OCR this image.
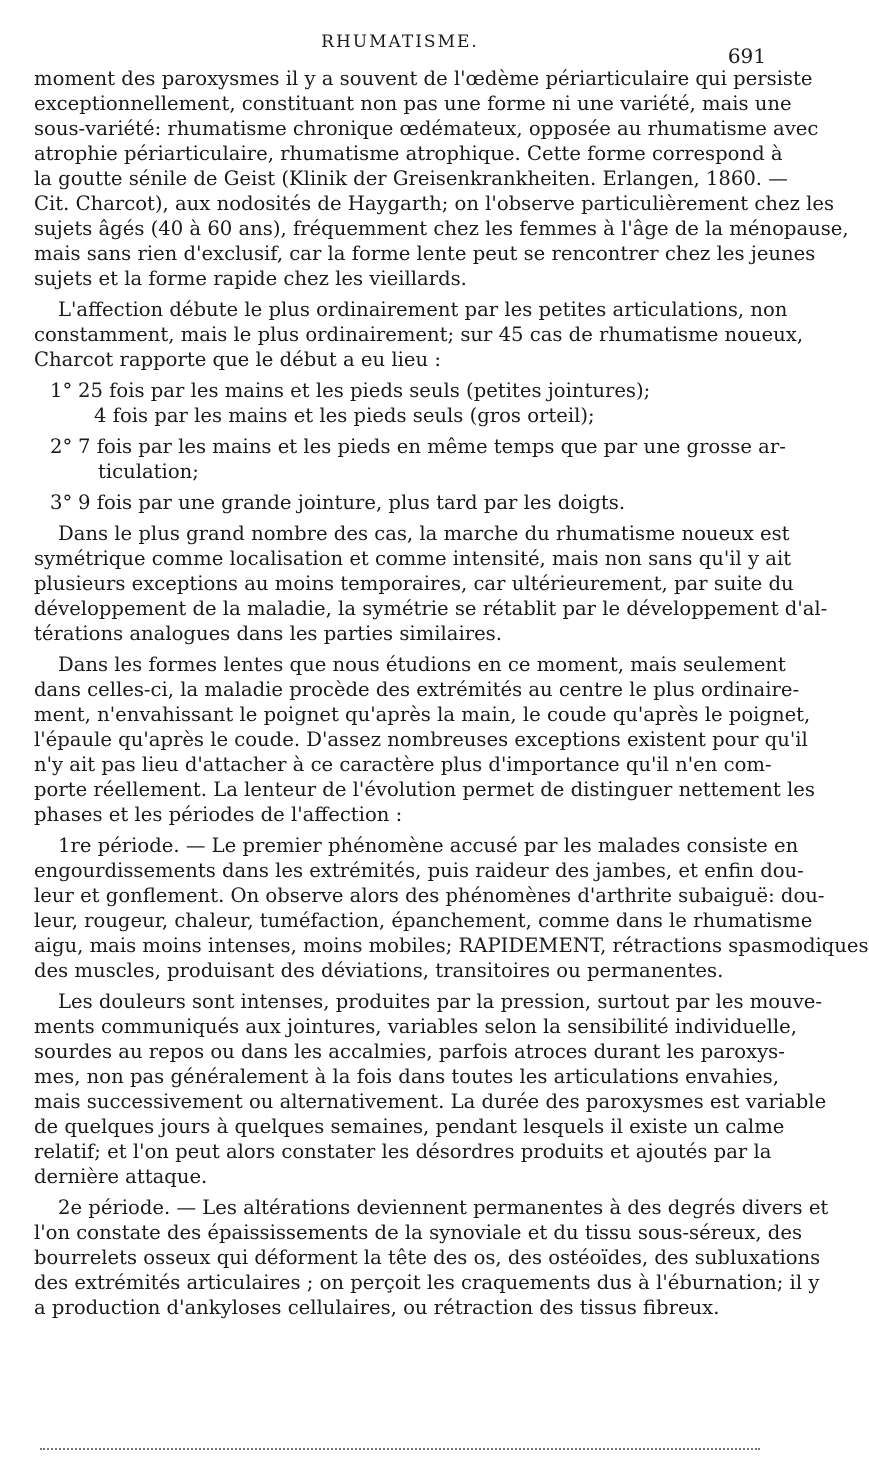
RHUMATISME.
691
moment des paroxysmes il y a souvent de l'œdème périarticulaire qui persiste
exceptionnellement, constituant non pas une forme ni une variété, mais une
sous-variété: rhumatisme chronique œdémateux, opposée au rhumatisme avec
atrophie périarticulaire, rhumatisme atrophique. Cette forme correspond à
la goutte sénile de Geist (Klinik der Greisenkrankheiten. Erlangen, 1860. —
Cit. Charcot), aux nodosités de Haygarth; on l'observe particulièrement chez les
sujets âgés (40 à 60 ans), fréquemment chez les femmes à l'âge de la ménopause,
mais sans rien d'exclusif, car la forme lente peut se rencontrer chez les jeunes
sujets et la forme rapide chez les vieillards.
L'affection débute le plus ordinairement par les petites articulations, non
constamment, mais le plus ordinairement; sur 45 cas de rhumatisme noueux,
Charcot rapporte que le début a eu lieu :
1° 25 fois par les mains et les pieds seuls (petites jointures);
4 fois par les mains et les pieds seuls (gros orteil);
2° 7 fois par les mains et les pieds en même temps que par une grosse ar-
ticulation;
3° 9 fois par une grande jointure, plus tard par les doigts.
Dans le plus grand nombre des cas, la marche du rhumatisme noueux est
symétrique comme localisation et comme intensité, mais non sans qu'il y ait
plusieurs exceptions au moins temporaires, car ultérieurement, par suite du
développement de la maladie, la symétrie se rétablit par le développement d'al-
térations analogues dans les parties similaires.
Dans les formes lentes que nous étudions en ce moment, mais seulement
dans celles-ci, la maladie procède des extrémités au centre le plus ordinaire-
ment, n'envahissant le poignet qu'après la main, le coude qu'après le poignet,
l'épaule qu'après le coude. D'assez nombreuses exceptions existent pour qu'il
n'y ait pas lieu d'attacher à ce caractère plus d'importance qu'il n'en com-
porte réellement. La lenteur de l'évolution permet de distinguer nettement les
phases et les périodes de l'affection :
1re période. — Le premier phénomène accusé par les malades consiste en
engourdissements dans les extrémités, puis raideur des jambes, et enfin dou-
leur et gonflement. On observe alors des phénomènes d'arthrite subaiguë: dou-
leur, rougeur, chaleur, tuméfaction, épanchement, comme dans le rhumatisme
aigu, mais moins intenses, moins mobiles; RAPIDEMENT, rétractions spasmodiques
des muscles, produisant des déviations, transitoires ou permanentes.
Les douleurs sont intenses, produites par la pression, surtout par les mouve-
ments communiqués aux jointures, variables selon la sensibilité individuelle,
sourdes au repos ou dans les accalmies, parfois atroces durant les paroxys-
mes, non pas généralement à la fois dans toutes les articulations envahies,
mais successivement ou alternativement. La durée des paroxysmes est variable
de quelques jours à quelques semaines, pendant lesquels il existe un calme
relatif; et l'on peut alors constater les désordres produits et ajoutés par la
dernière attaque.
2e période. — Les altérations deviennent permanentes à des degrés divers et
l'on constate des épaississements de la synoviale et du tissu sous-séreux, des
bourrelets osseux qui déforment la tête des os, des ostéoïdes, des subluxations
des extrémités articulaires ; on perçoit les craquements dus à l'éburnation; il y
a production d'ankyloses cellulaires, ou rétraction des tissus fibreux.
